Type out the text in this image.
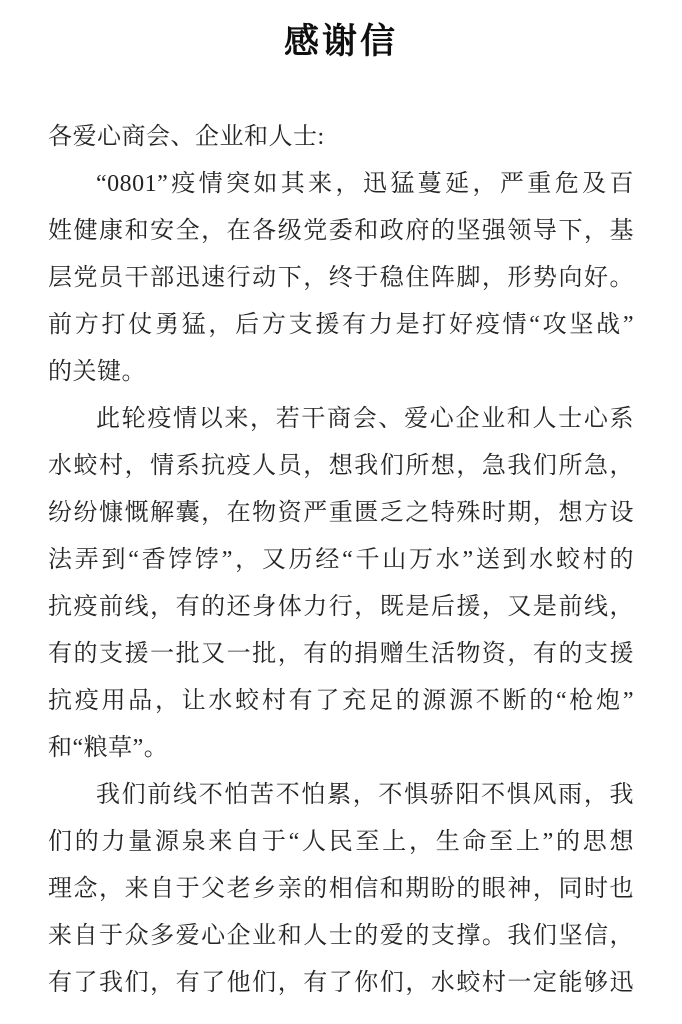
感谢信
各爱心商会、企业和人士:
“0801”疫情突如其来，迅猛蔓延，严重危及百
姓健康和安全，在各级党委和政府的坚强领导下，基
层党员干部迅速行动下，终于稳住阵脚，形势向好。
前方打仗勇猛，后方支援有力是打好疫情“攻坚战”
的关键。
此轮疫情以来，若干商会、爱心企业和人士心系
水蛟村，情系抗疫人员，想我们所想，急我们所急，
纷纷慷慨解囊，在物资严重匮乏之特殊时期，想方设
法弄到“香饽饽”，又历经“千山万水”送到水蛟村的
抗疫前线，有的还身体力行，既是后援，又是前线，
有的支援一批又一批，有的捐赠生活物资，有的支援
抗疫用品，让水蛟村有了充足的源源不断的“枪炮”
和“粮草”。
我们前线不怕苦不怕累，不惧骄阳不惧风雨，我
们的力量源泉来自于“人民至上，生命至上”的思想
理念，来自于父老乡亲的相信和期盼的眼神，同时也
来自于众多爱心企业和人士的爱的支撑。我们坚信，
有了我们，有了他们，有了你们，水蛟村一定能够迅
